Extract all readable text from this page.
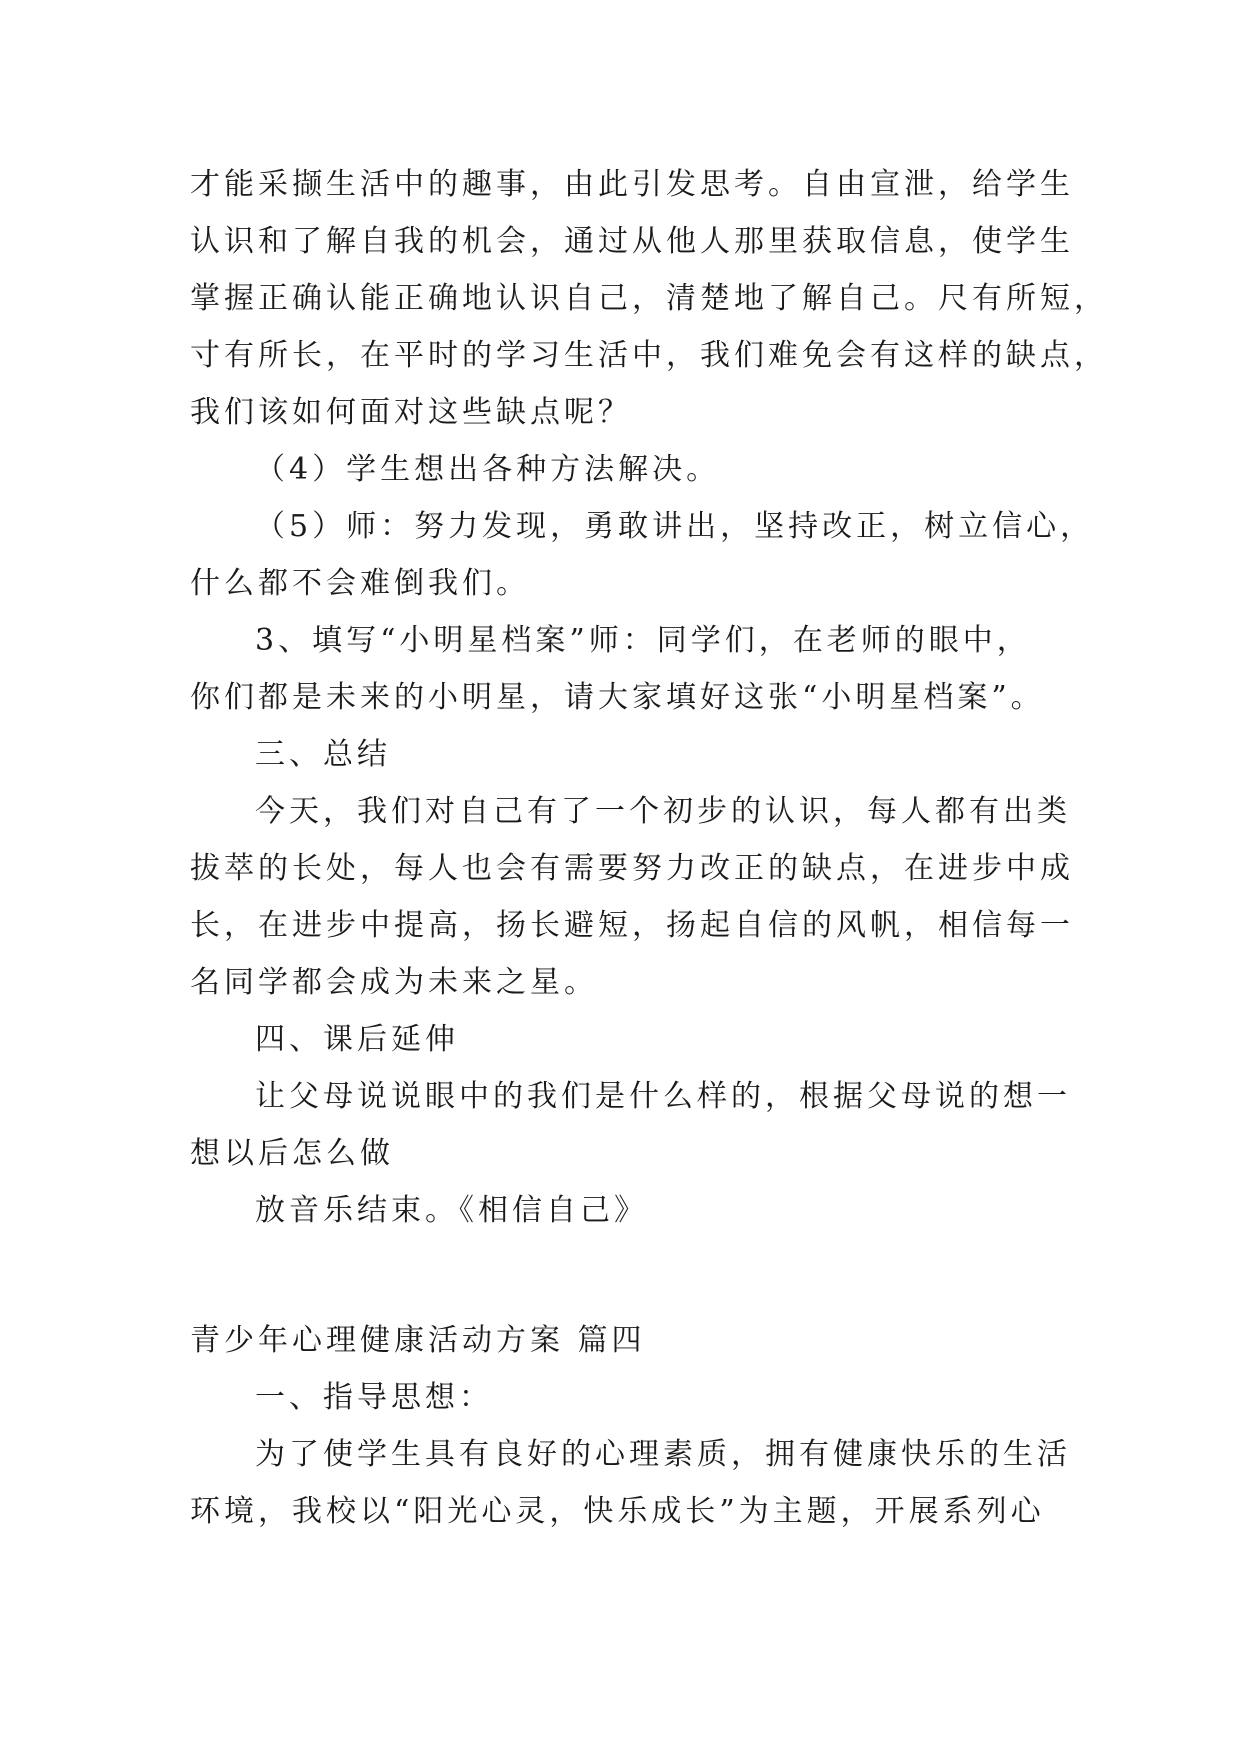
才能采撷生活中的趣事，由此引发思考。自由宣泄，给学生
认识和了解自我的机会，通过从他人那里获取信息，使学生
掌握正确认能正确地认识自己，清楚地了解自己。尺有所短，
寸有所长，在平时的学习生活中，我们难免会有这样的缺点，
我们该如何面对这些缺点呢？
（4）学生想出各种方法解决。
（5）师：努力发现，勇敢讲出，坚持改正，树立信心，
什么都不会难倒我们。
3、填写“小明星档案”师：同学们，在老师的眼中，
你们都是未来的小明星，请大家填好这张“小明星档案”。
三、总结
今天，我们对自己有了一个初步的认识，每人都有出类
拔萃的长处，每人也会有需要努力改正的缺点，在进步中成
长，在进步中提高，扬长避短，扬起自信的风帆，相信每一
名同学都会成为未来之星。
四、课后延伸
让父母说说眼中的我们是什么样的，根据父母说的想一
想以后怎么做
放音乐结束。《相信自己》
青少年心理健康活动方案 篇四
一、指导思想：
为了使学生具有良好的心理素质，拥有健康快乐的生活
环境，我校以“阳光心灵，快乐成长”为主题，开展系列心
